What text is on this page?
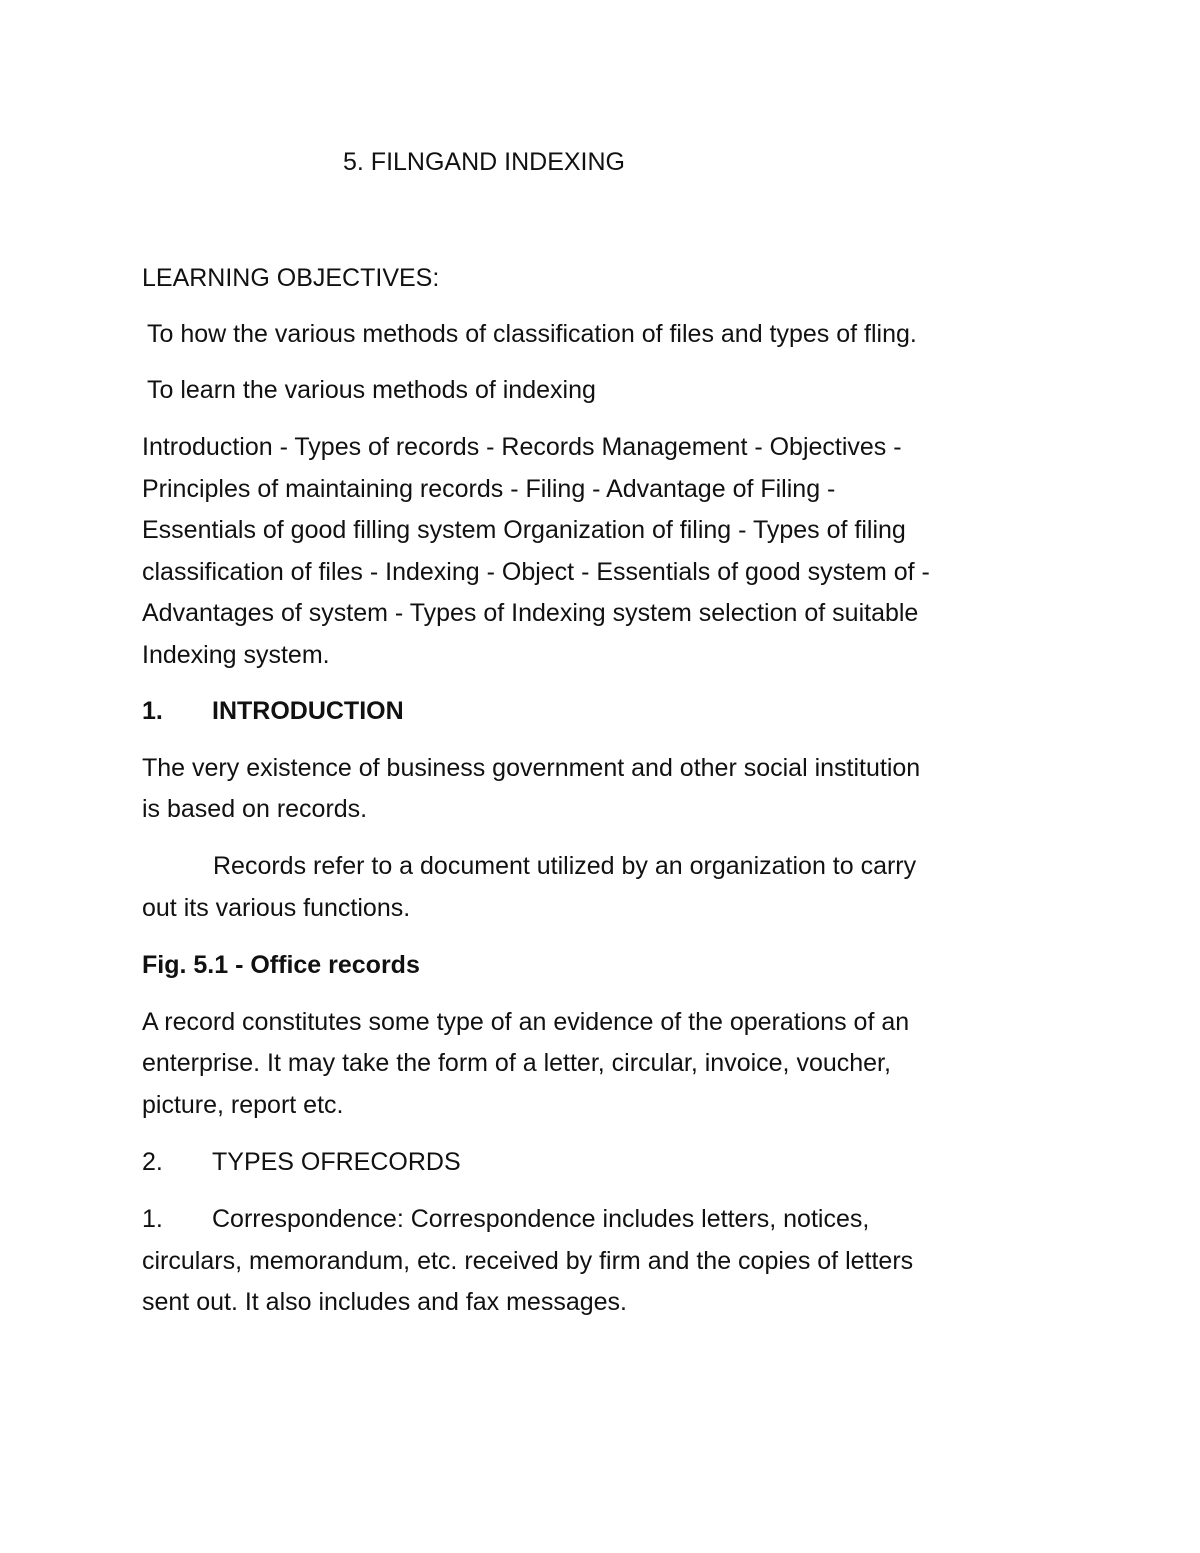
5. FILNGAND INDEXING
LEARNING OBJECTIVES:
To how the various methods of classification of files and types of fling.
To learn the various methods of indexing
Introduction - Types of records - Records Management - Objectives -
Principles of maintaining records - Filing - Advantage of Filing -
Essentials of good filling system Organization of filing - Types of filing
classification of files - Indexing - Object - Essentials of good system of -
Advantages of system - Types of Indexing system selection of suitable
Indexing system.
1. INTRODUCTION
The very existence of business government and other social institution
is based on records.
Records refer to a document utilized by an organization to carry
out its various functions.
Fig. 5.1 - Office records
A record constitutes some type of an evidence of the operations of an
enterprise. It may take the form of a letter, circular, invoice, voucher,
picture, report etc.
2. TYPES OFRECORDS
1. Correspondence: Correspondence includes letters, notices,
circulars, memorandum, etc. received by firm and the copies of letters
sent out. It also includes and fax messages.
